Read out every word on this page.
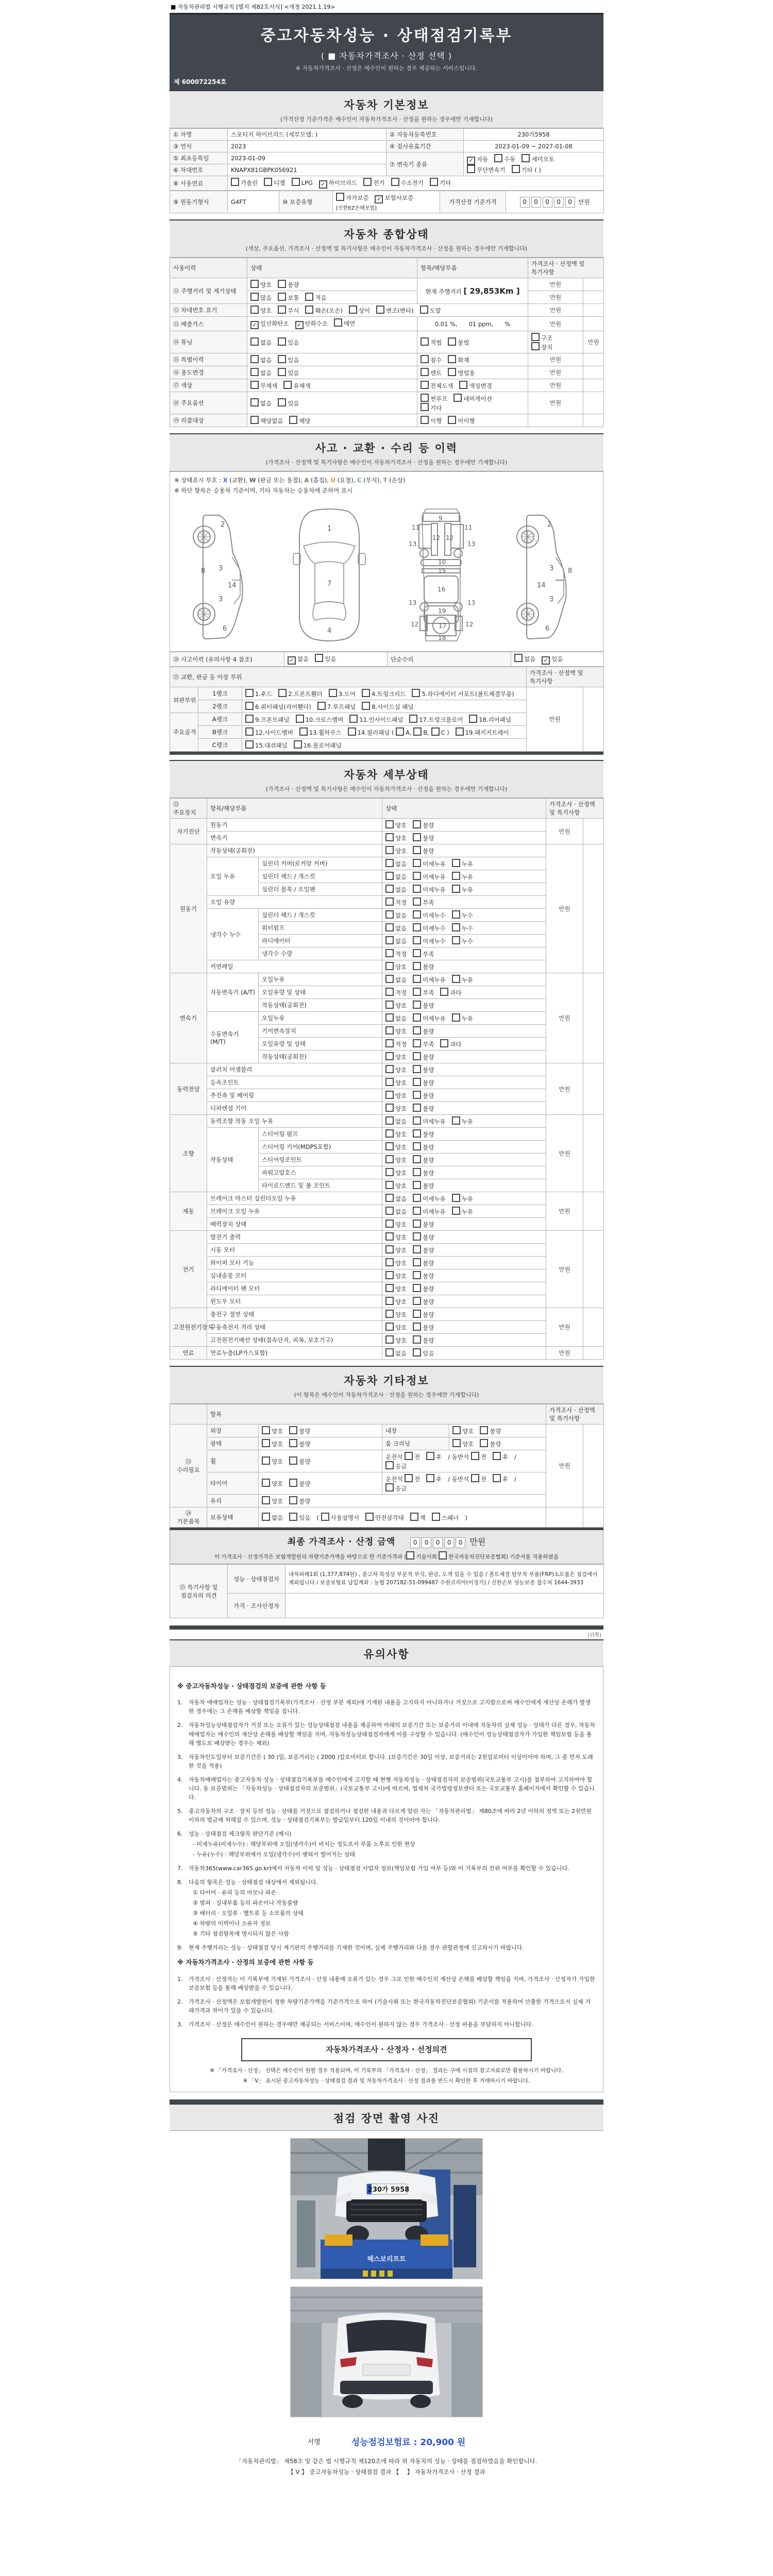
■ 자동차관리법 시행규칙 [별지 제82호서식] <개정 2021.1.19>
중고자동차성능 · 상태점검기록부
( ■ 자동차가격조사 · 산정 선택 )
※ 자동차가격조사 · 산정은 매수인이 원하는 경우 제공하는 서비스입니다.
제 600072254호
자동차 기본정보
(가격산정 기준가격은 매수인이 자동차가격조사 · 산정을 원하는 경우에만 기재합니다)
① 차명	스포티지 하이브리드 (세부모델: )	② 자동차등록번호	230가5958
③ 연식	2023	④ 검사유효기간	2023-01-09 ~ 2027-01-08
⑤ 최초등록일	2023-01-09	⑦ 변속기 종류	✓ 자동 수동 세미오토
무단변속기 기타 ( )
⑥ 차대번호	KNAPX81GBPK056921		
⑧ 사용연료	가솔린 디젤 LPG ✓ 하이브리드 전기 수소전기 기타		
⑨ 원동기형식	G4FT	⑩ 보증유형	자가보증 ✓ 보험사보증[신한EZ손해보험]	가격산정 기준가격	0 0 0 0 0 만원
자동차 종합상태
(색상, 주요옵션, 가격조사 · 산정액 및 특기사항은 매수인이 자동차가격조사 · 산정을 원하는 경우에만 기재합니다)
사용이력	상태	항목/해당부품	가격조사 · 산정액 및 특기사항		
⑪ 주행거리 및 계기상태	양호 불량	현재 주행거리 [ 29,853Km ]	만원		
	많음 보통 적음		만원		
⑫ 차대번호 표기	양호 부식 훼손(오손) 상이 변조(변타) 도말		만원		
⑬ 배출가스	✓ 일산화탄소 ✓ 탄화수소 매연	0.01 %,      01 ppm,      %	만원		
⑭ 튜닝	없음 있음	적법 불법	구조장치	만원	
⑮ 특별이력	없음 있음	침수 화재	만원		
⑯ 용도변경	없음 있음	렌트 영업용	만원		
⑰ 색상	무채색 유채색	전체도색 색상변경	만원		
⑱ 주요옵션	없음 있음	썬루프 네비게이션기타	만원		
⑲ 리콜대상	해당없음 해당	이행 미이행			
사고 · 교환 · 수리 등 이력
(가격조사 · 산정액 및 특기사항은 매수인이 자동차가격조사 · 산정을 원하는 경우에만 기재합니다)
※ 상태표시 부호 : X (교환), W (판금 또는 용접), A (흠집), U (요철), C (부식), T (손상)
※ 하단 항목은 승용차 기준이며, 기타 자동차는 승용차에 준하여 표시
2
3
3
8
14
6
1
7
4
11	11
13	13
12 12
9
10
15
16
13	13
19
17
12	12
18
2
3
3
8
14
6
⑳ 사고이력 (유의사항 4 참조)	✓ 없음	있음	단순수리	없음 ✓ 있음
㉑ 교환, 판금 등 이상 부위			가격조사 · 산정액 및 특기사항	
외판부위	1랭크	1.후드 2.프론트휀더 3.도어 4.트렁크리드 5.라디에이터 서포트(볼트체결부품)	만원	
	2랭크	6.쿼터패널(리어휀다) 7.루프패널 8.사이드실 패널		
주요골격	A랭크	9.프론트패널 10.크로스멤버 11.인사이드패널 17.트렁크플로어 18.리어패널		
	B랭크	12.사이드멤버 13.휠하우스 14.필러패널 ( A, B, C ) 19.패키지트레이		
	C랭크	15.대쉬패널 16.플로어패널		
자동차 세부상태
(가격조사 · 산정액 및 특기사항은 매수인이 자동차가격조사 · 산정을 원하는 경우에만 기재합니다)
㉒ 주요장치	항목/해당부품		상태	가격조사 · 산정액 및 특기사항	
자기진단	원동기		양호 불량	만원	
	변속기		양호 불량		
원동기	작동상태(공회전)		양호 불량	만원	
	오일 누유	실린더 커버(로커암 커버)	없음 미세누유 누유		
		실린더 헤드 / 개스킷	없음 미세누유 누유		
		실린더 블록 / 오일팬	없음 미세누유 누유		
	오일 유량		적정 부족		
	냉각수 누수	실린더 헤드 / 개스킷	없음 미세누수 누수		
		워터펌프	없음 미세누수 누수		
		라디에이터	없음 미세누수 누수		
		냉각수 수량	적정 부족		
	커먼레일		양호 불량		
변속기	자동변속기 (A/T)	오일누유	없음 미세누유 누유	만원	
		오일유량 및 상태	적정 부족 과다		
		작동상태(공회전)	양호 불량		
	수동변속기 (M/T)	오일누유	없음 미세누유 누유		
		기어변속장치	양호 불량		
		오일유량 및 상태	적정 부족 과다		
		작동상태(공회전)	양호 불량		
동력전달	클러치 어셈블리		양호 불량	만원	
	등속조인트		양호 불량		
	추진축 및 베어링		양호 불량		
	디퍼렌셜 기어		양호 불량		
조향	동력조향 작동 오일 누유		없음 미세누유 누유	만원	
	작동상태	스티어링 펌프	양호 불량		
		스티어링 기어(MDPS포함)	양호 불량		
		스티어링조인트	양호 불량		
		파워고압호스	양호 불량		
		타이로드엔드 및 볼 조인트	양호 불량		
제동	브레이크 마스터 실린더오일 누유		없음 미세누유 누유	만원	
	브레이크 오일 누유		없음 미세누유 누유		
	배력장치 상태		양호 불량		
전기	발전기 출력		양호 불량	만원	
	시동 모터		양호 불량		
	와이퍼 모터 기능		양호 불량		
	실내송풍 모터		양호 불량		
	라디에이터 팬 모터		양호 불량		
	윈도우 모터		양호 불량		
고전원전기장치	충전구 절연 상태		양호 불량	만원	
	구동축전지 격리 상태		양호 불량		
	고전원전기배선 상태(접속단자, 피복, 보호기구)		양호 불량		
연료	연료누출(LP가스포함)		없음 있음	만원	
자동차 기타정보
(이 항목은 매수인이 자동차가격조사 · 산정을 원하는 경우에만 기재합니다)
	항목				가격조사 · 산정액 및 특기사항	
㉓ 수리필요	외장	양호 불량	내장	양호 불량	만원	
	광택	양호 불량	룸 크리닝	양호 불량		
	휠	양호 불량	운전석 전 후 / 동반석 전 후 / 응급			
	타이어	양호 불량	운전석 전 후 / 동반석 전 후 / 응급			
	유리	양호 불량				
㉔ 기본품목	보유상태	없음 있음 ( 사용설명서 안전삼각대 잭 스패너 )				
최종 가격조사 · 산정 금액	0 0 0 0 0 만원
이 가격조사 · 산정가격은 보험개발원의 차량기준가액을 바탕으로 한 기준가격과 ( 기술사회 한국자동차진단보증협회) 기준서를 적용하였음
㉕ 특기사항 및 점검자의 의견	성능 · 상태점검자	내차피해1회 (1,377,874원) , 중고차 특성상 부분적 부식, 판금, 도색 있을 수 있음 / 볼트체결 탈부착 부품(FRP)소모품은 점검에서 제외됩니다 / 보증보험료 납입계좌 : 농협 207182-51-099487 수원코리아(이정기) / 신한손보 성능보증 접수처 1644-3933
	가격 · 조사산정자	
(뒤쪽)
유의사항
※ 중고자동차성능 · 상태점검의 보증에 관한 사항 등
1.	자동차 매매업자는 성능 · 상태점검기록부(가격조사 · 산정 부분 제외)에 기재된 내용을 고지하지 아니하거나 거짓으로 고지함으로써 매수인에게 재산상 손해가 발생한 경우에는 그 손해를 배상할 책임을 집니다.
2.	자동차성능상태점검자가 거짓 또는 오류가 있는 성능상태점검 내용을 제공하여 아래의 보증기간 또는 보증거리 이내에 자동차의 실제 성능 · 상태가 다른 경우, 자동차매매업자는 매수인의 재산상 손해를 배상할 책임을 지며, 자동차성능상태점검자에게 이를 구상할 수 있습니다. (매수인이 성능상태점검자가 가입한 책임보험 등을 통해 별도로 배상받는 경우는 제외)
3.	자동차인도일부터 보증기간은 ( 30 )일, 보증거리는 ( 2000 )킬로미터로 합니다. (보증기간은 30일 이상, 보증거리는 2천킬로미터 이상이어야 하며, 그 중 먼저 도래한 것을 적용)
4.	자동차매매업자는 중고자동차 성능 · 상태점검기록부를 매수인에게 고지할 때 현행 자동차성능 · 상태점검자의 보증범위(국토교통부 고시)를 첨부하여 고지하여야 합니다. 동 보증범위는 「자동차성능 · 상태점검자의 보증범위」(국토교통부 고시)에 따르며, 법제처 국가법령정보센터 또는 국토교통부 홈페이지에서 확인할 수 있습니다.
5.	중고자동차의 구조 · 장치 등의 성능 · 상태를 거짓으로 점검하거나 점검한 내용과 다르게 알린 자는 「자동차관리법」 제80조에 따라 2년 이하의 징역 또는 2천만원 이하의 벌금에 처해질 수 있으며, 성능 · 상태점검기록부는 발급일부터 120일 이내의 것이어야 합니다.
6.	성능 · 상태점검 체크항목 판단기준 (예시)
- 미세누유(미세누수) : 해당부위에 오일(냉각수)이 비치는 정도로서 부품 노후로 인한 현상
- 누유(누수) : 해당부위에서 오일(냉각수)이 맺혀서 떨어지는 상태
7.	자동차365(www.car365.go.kr)에서 자동차 이력 및 성능 · 상태점검 사업자 정보(책임보험 가입 여부 등)와 이 기록부의 진위 여부를 확인할 수 있습니다.
8.	다음의 항목은 성능 · 상태점검 대상에서 제외됩니다.
① 타이어 · 유리 등의 마모나 파손
② 범퍼 · 실내부품 등의 파손이나 작동불량
③ 배터리 · 오일류 · 벨트류 등 소모품의 상태
④ 차량의 이력이나 소유자 정보
⑤ 기타 점검항목에 명시되지 않은 사항
9.	현재 주행거리는 성능 · 상태점검 당시 계기판의 주행거리를 기재한 것이며, 실제 주행거리와 다를 경우 관할관청에 신고하시기 바랍니다.
※ 자동차가격조사 · 산정의 보증에 관한 사항 등
1.	가격조사 · 산정자는 이 기록부에 기재된 가격조사 · 산정 내용에 오류가 있는 경우 그로 인한 매수인의 재산상 손해를 배상할 책임을 지며, 가격조사 · 산정자가 가입한 보증보험 등을 통해 배상받을 수 있습니다.
2.	가격조사 · 산정액은 보험개발원이 정한 차량기준가액을 기준가격으로 하여 (기술사회 또는 한국자동차진단보증협회) 기준서를 적용하여 산출한 가격으로서 실제 거래가격과 차이가 있을 수 있습니다.
3.	가격조사 · 산정은 매수인이 원하는 경우에만 제공되는 서비스이며, 매수인이 원하지 않는 경우 가격조사 · 산정 비용을 부담하지 아니합니다.
자동차가격조사 · 산정자 · 선정의견
※ 「가격조사 · 산정」 선택은 매수인이 원할 경우 적용되며, 이 기록부의 「가격조사 · 산정」 결과는 구매 시점의 참고자료로만 활용하시기 바랍니다.
※ 「V」 표시된 중고자동차성능 · 상태점검 결과 및 자동차가격조사 · 산정 결과를 반드시 확인한 후 거래하시기 바랍니다.
점검 장면 촬영 사진
230가 5958
헤스보리프트
서명	성능점검보험료 : 20,900 원
「자동차관리법」 제58조 및 같은 법 시행규칙 제120조에 따라 위 자동차의 성능 · 상태를 점검하였음을 확인합니다.
【 V 】 중고자동차성능 · 상태점검 결과 【　 】 자동차가격조사 · 산정 결과
